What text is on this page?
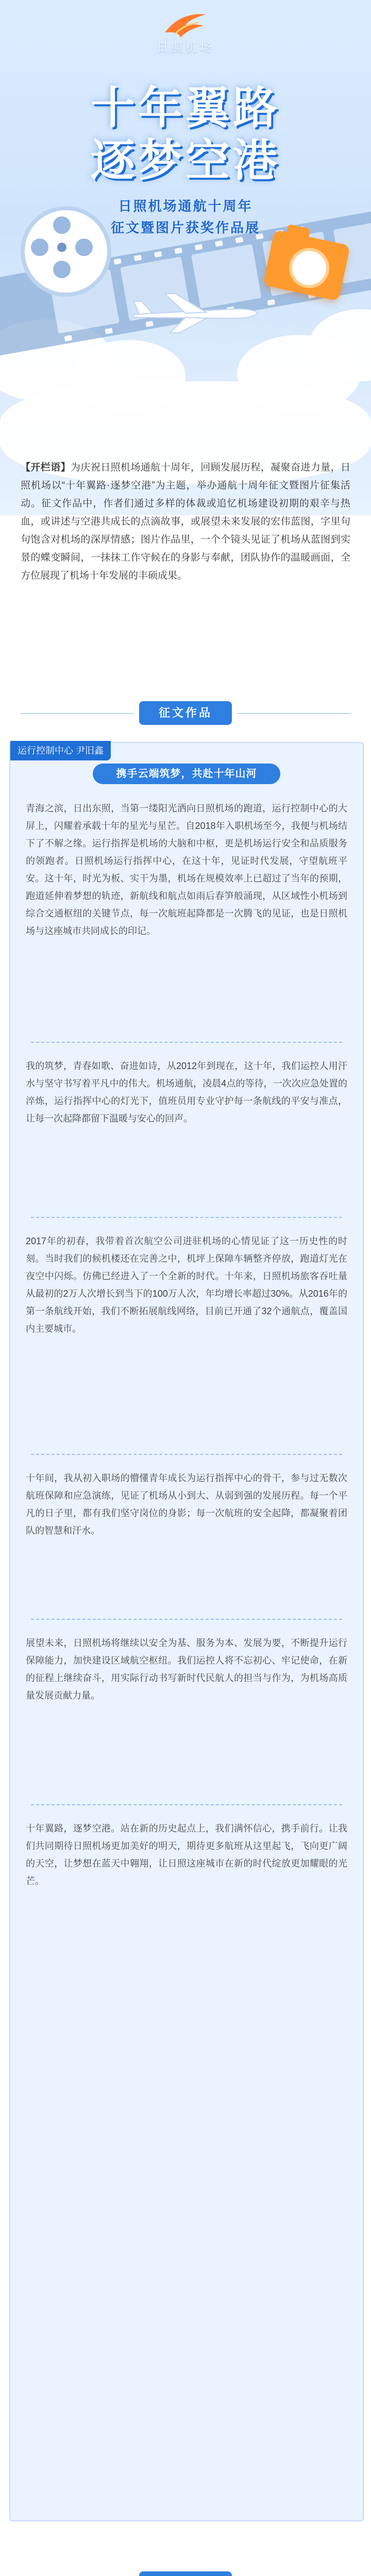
日照机场
十年翼路
逐梦空港
日照机场通航十周年
征文暨图片获奖作品展
【开栏语】为庆祝日照机场通航十周年，回顾发展历程，凝聚奋进力量，日照机场以“十年翼路·逐梦空港”为主题，举办通航十周年征文暨图片征集活动。征文作品中，作者们通过多样的体裁或追忆机场建设初期的艰辛与热血，或讲述与空港共成长的点滴故事，或展望未来发展的宏伟蓝图，字里句句饱含对机场的深厚情感；图片作品里，一个个镜头见证了机场从蓝图到实景的蝶变瞬间，一抹抹工作守候在的身影与奉献，团队协作的温暖画面，全方位展现了机场十年发展的丰硕成果。
征文作品
运行控制中心 尹旧鑫
携手云端筑梦，共赴十年山河
青海之滨，日出东照，当第一缕阳光洒向日照机场的跑道，运行控制中心的大屏上，闪耀着承载十年的星光与星芒。自2018年入职机场至今，我便与机场结下了不解之缘。运行指挥是机场的大脑和中枢，更是机场运行安全和品质服务的领跑者。日照机场运行指挥中心，在这十年，见证时代发展，守望航班平安。这十年，时光为板、实干为墨，机场在规模效率上已超过了当年的预期，跑道延伸着梦想的轨迹，新航线和航点如雨后春笋般涌现，从区域性小机场到综合交通枢纽的关键节点，每一次航班起降都是一次腾飞的见证，也是日照机场与这座城市共同成长的印记。
我的筑梦，青春如歌、奋进如诗，从2012年到现在，这十年，我们运控人用汗水与坚守书写着平凡中的伟大。机场通航，凌晨4点的等待，一次次应急处置的淬炼，运行指挥中心的灯光下，值班员用专业守护每一条航线的平安与准点，让每一次起降都留下温暖与安心的回声。
2017年的初春，我带着首次航空公司进驻机场的心情见证了这一历史性的时刻。当时我们的候机楼还在完善之中，机坪上保障车辆整齐停放，跑道灯光在夜空中闪烁。仿佛已经进入了一个全新的时代。十年来，日照机场旅客吞吐量从最初的2万人次增长到当下的100万人次，年均增长率超过30%。从2016年的第一条航线开始，我们不断拓展航线网络，目前已开通了32个通航点，覆盖国内主要城市。
十年间，我从初入职场的懵懂青年成长为运行指挥中心的骨干，参与过无数次航班保障和应急演练，见证了机场从小到大、从弱到强的发展历程。每一个平凡的日子里，都有我们坚守岗位的身影；每一次航班的安全起降，都凝聚着团队的智慧和汗水。
展望未来，日照机场将继续以安全为基、服务为本、发展为要，不断提升运行保障能力，加快建设区域航空枢纽。我们运控人将不忘初心、牢记使命，在新的征程上继续奋斗，用实际行动书写新时代民航人的担当与作为，为机场高质量发展贡献力量。
十年翼路，逐梦空港。站在新的历史起点上，我们满怀信心，携手前行。让我们共同期待日照机场更加美好的明天，期待更多航班从这里起飞，飞向更广阔的天空，让梦想在蓝天中翱翔，让日照这座城市在新的时代绽放更加耀眼的光芒。
